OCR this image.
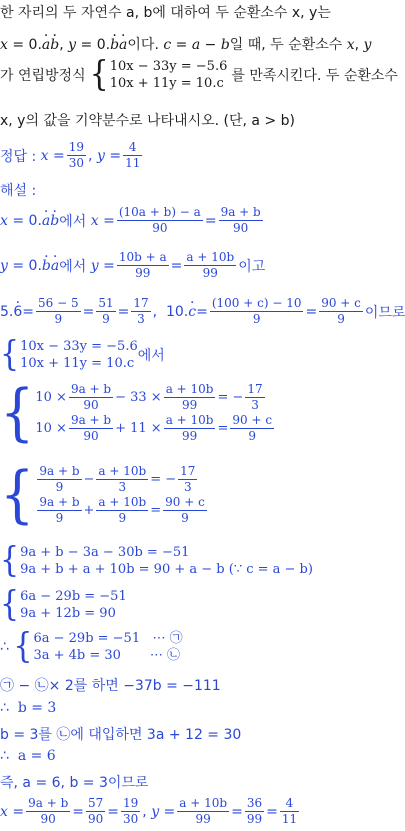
한 자리의 두 자연수 a, b에 대하여 두 순환소수 x, y는
x = 0.· a· b, y = 0.· b· a이다. c = a − b일 때, 두 순환소수 x, y
가 연립방정식 { 10x − 33y = −5.6
10x + 11y = 10.c 를 만족시킨다. 두 순환소수
x, y의 값을 기약분수로 나타내시오. (단, a > b)
정답 :
$x = \frac{19}{30}$ , $y = \frac{4}{11}$
해설 :
x = 0. · a · b 에서
$x = \frac{(10a + b) - a}{90} = \frac{9a + b}{90}$
y = 0. · b · a 에서
$y = \frac{10b + a}{99} = \frac{a + 10b}{99}$ 이고
5. · $6 = \frac{56 - 5}{9} = \frac{51}{9} = \frac{17}{3}$ ,  10. · $c = \frac{(100 + c) - 10}{9} = \frac{90 + c}{9}$ 이므로
{ 10x − 33y = −5.6
10x + 11y = 10.c 에서
{ $10 \times \frac{9a + b}{90} - 33 \times \frac{a + 10b}{99}$ = − $\frac{17}{3}$
$10 \times \frac{9a + b}{90} + 11 \times \frac{a + 10b}{99} = \frac{90 + c}{9}$
{ $\frac{9a + b}{9} - \frac{a + 10b}{3}$ = − $\frac{17}{3}$
$\frac{9a + b}{9} + \frac{a + 10b}{9} = \frac{90 + c}{9}$
{ 9a + b − 3a − 30b = −51
9a + b + a + 10b = 90 + a − b (∵ c = a − b)
{ 6a − 29b = −51
9a + 12b = 90
∴
{ 6a − 29b = −51 ⋯ ㉠
3a + 4b = 30 ⋯ ㉡
㉠ − ㉡× 2를 하면 −37b = −111
∴ b = 3
b = 3를 ㉡에 대입하면 3a + 12 = 30
∴ a = 6
즉, a = 6, b = 3이므로
$x = \frac{9a + b}{90} = \frac{57}{90} = \frac{19}{30}$ , $y = \frac{a + 10b}{99} = \frac{36}{99} = \frac{4}{11}$
